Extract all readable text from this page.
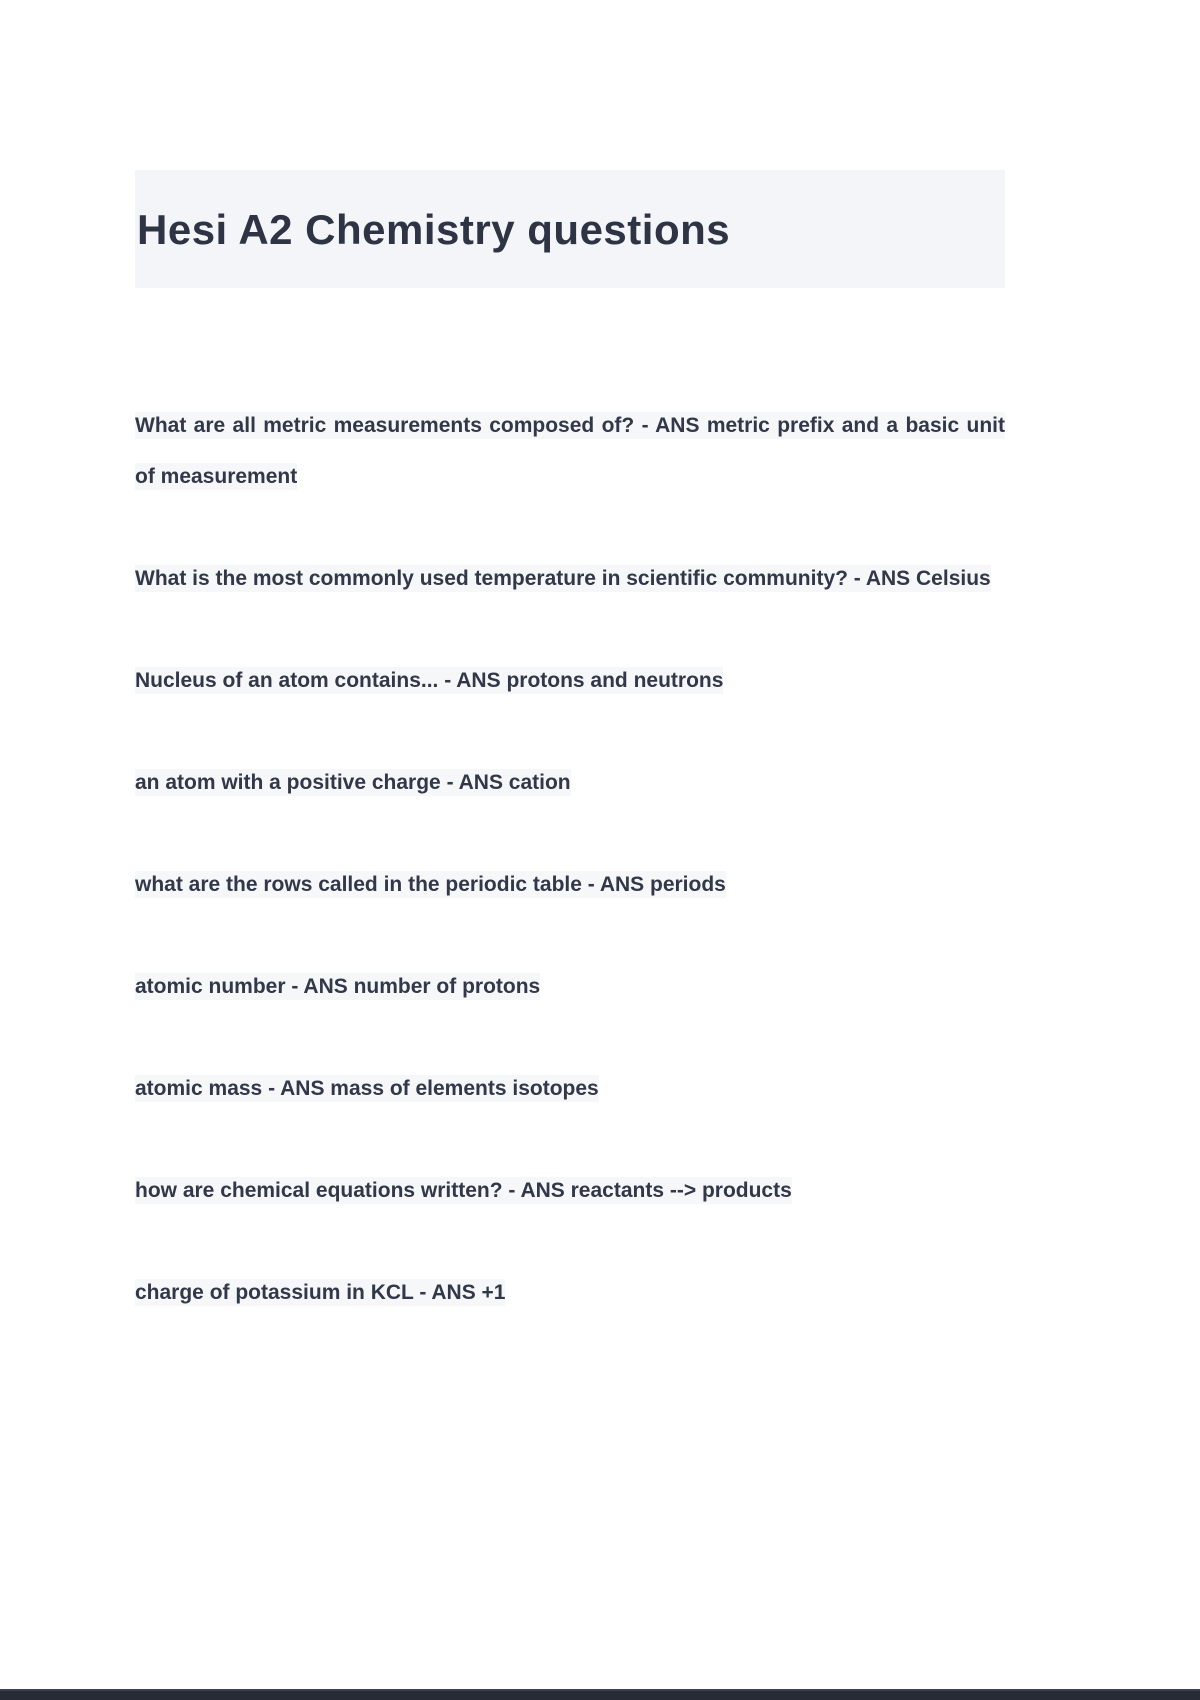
Hesi A2 Chemistry questions

What are all metric measurements composed of? - ANS metric prefix and a basic unit of measurement

What is the most commonly used temperature in scientific community? - ANS Celsius

Nucleus of an atom contains... - ANS protons and neutrons

an atom with a positive charge - ANS cation

what are the rows called in the periodic table - ANS periods

atomic number - ANS number of protons

atomic mass - ANS mass of elements isotopes

how are chemical equations written? - ANS reactants --> products

charge of potassium in KCL - ANS +1
